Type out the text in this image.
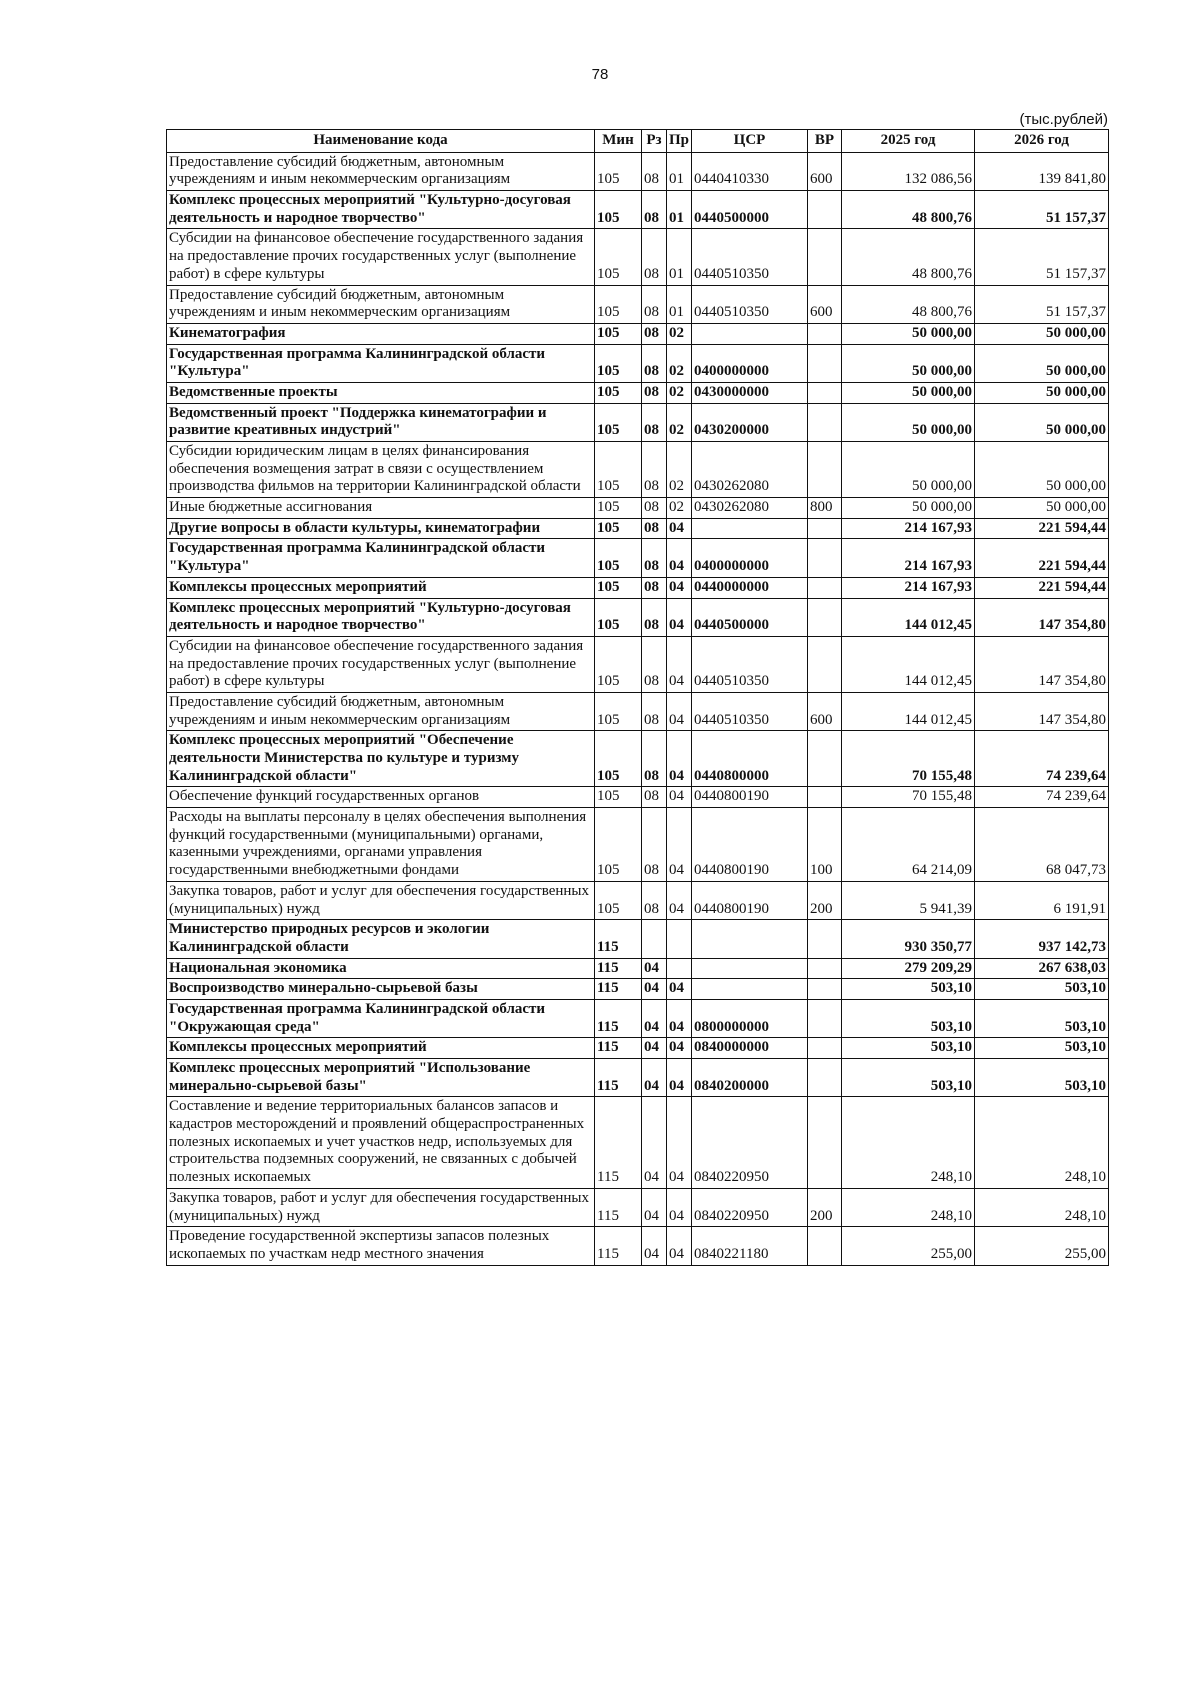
78
(тыс.рублей)
Наименование кода	Мин	Рз	Пр	ЦСР	ВР	2025 год	2026 год
Предоставление субсидий бюджетным, автономным учреждениям и иным некоммерческим организациям	105	08	01	0440410330	600	132 086,56	139 841,80
Комплекс процессных мероприятий "Культурно-досуговая деятельность и народное творчество"	105	08	01	0440500000		48 800,76	51 157,37
Субсидии на финансовое обеспечение государственного задания на предоставление прочих государственных услуг (выполнение работ) в сфере культуры	105	08	01	0440510350		48 800,76	51 157,37
Предоставление субсидий бюджетным, автономным учреждениям и иным некоммерческим организациям	105	08	01	0440510350	600	48 800,76	51 157,37
Кинематография	105	08	02			50 000,00	50 000,00
Государственная программа Калининградской области "Культура"	105	08	02	0400000000		50 000,00	50 000,00
Ведомственные проекты	105	08	02	0430000000		50 000,00	50 000,00
Ведомственный проект "Поддержка кинематографии и развитие креативных индустрий"	105	08	02	0430200000		50 000,00	50 000,00
Субсидии юридическим лицам в целях финансирования обеспечения возмещения затрат в связи с осуществлением производства фильмов на территории Калининградской области	105	08	02	0430262080		50 000,00	50 000,00
Иные бюджетные ассигнования	105	08	02	0430262080	800	50 000,00	50 000,00
Другие вопросы в области культуры, кинематографии	105	08	04			214 167,93	221 594,44
Государственная программа Калининградской области "Культура"	105	08	04	0400000000		214 167,93	221 594,44
Комплексы процессных мероприятий	105	08	04	0440000000		214 167,93	221 594,44
Комплекс процессных мероприятий "Культурно-досуговая деятельность и народное творчество"	105	08	04	0440500000		144 012,45	147 354,80
Субсидии на финансовое обеспечение государственного задания на предоставление прочих государственных услуг (выполнение работ) в сфере культуры	105	08	04	0440510350		144 012,45	147 354,80
Предоставление субсидий бюджетным, автономным учреждениям и иным некоммерческим организациям	105	08	04	0440510350	600	144 012,45	147 354,80
Комплекс процессных мероприятий "Обеспечение деятельности Министерства по культуре и туризму Калининградской области"	105	08	04	0440800000		70 155,48	74 239,64
Обеспечение функций государственных органов	105	08	04	0440800190		70 155,48	74 239,64
Расходы на выплаты персоналу в целях обеспечения выполнения функций государственными (муниципальными) органами, казенными учреждениями, органами управления государственными внебюджетными фондами	105	08	04	0440800190	100	64 214,09	68 047,73
Закупка товаров, работ и услуг для обеспечения государственных (муниципальных) нужд	105	08	04	0440800190	200	5 941,39	6 191,91
Министерство природных ресурсов и экологии Калининградской области	115					930 350,77	937 142,73
Национальная экономика	115	04				279 209,29	267 638,03
Воспроизводство минерально-сырьевой базы	115	04	04			503,10	503,10
Государственная программа Калининградской области "Окружающая среда"	115	04	04	0800000000		503,10	503,10
Комплексы процессных мероприятий	115	04	04	0840000000		503,10	503,10
Комплекс процессных мероприятий "Использование минерально-сырьевой базы"	115	04	04	0840200000		503,10	503,10
Составление и ведение территориальных балансов запасов и кадастров месторождений и проявлений общераспространенных полезных ископаемых и учет участков недр, используемых для строительства подземных сооружений, не связанных с добычей полезных ископаемых	115	04	04	0840220950		248,10	248,10
Закупка товаров, работ и услуг для обеспечения государственных (муниципальных) нужд	115	04	04	0840220950	200	248,10	248,10
Проведение государственной экспертизы запасов полезных ископаемых по участкам недр местного значения	115	04	04	0840221180		255,00	255,00
